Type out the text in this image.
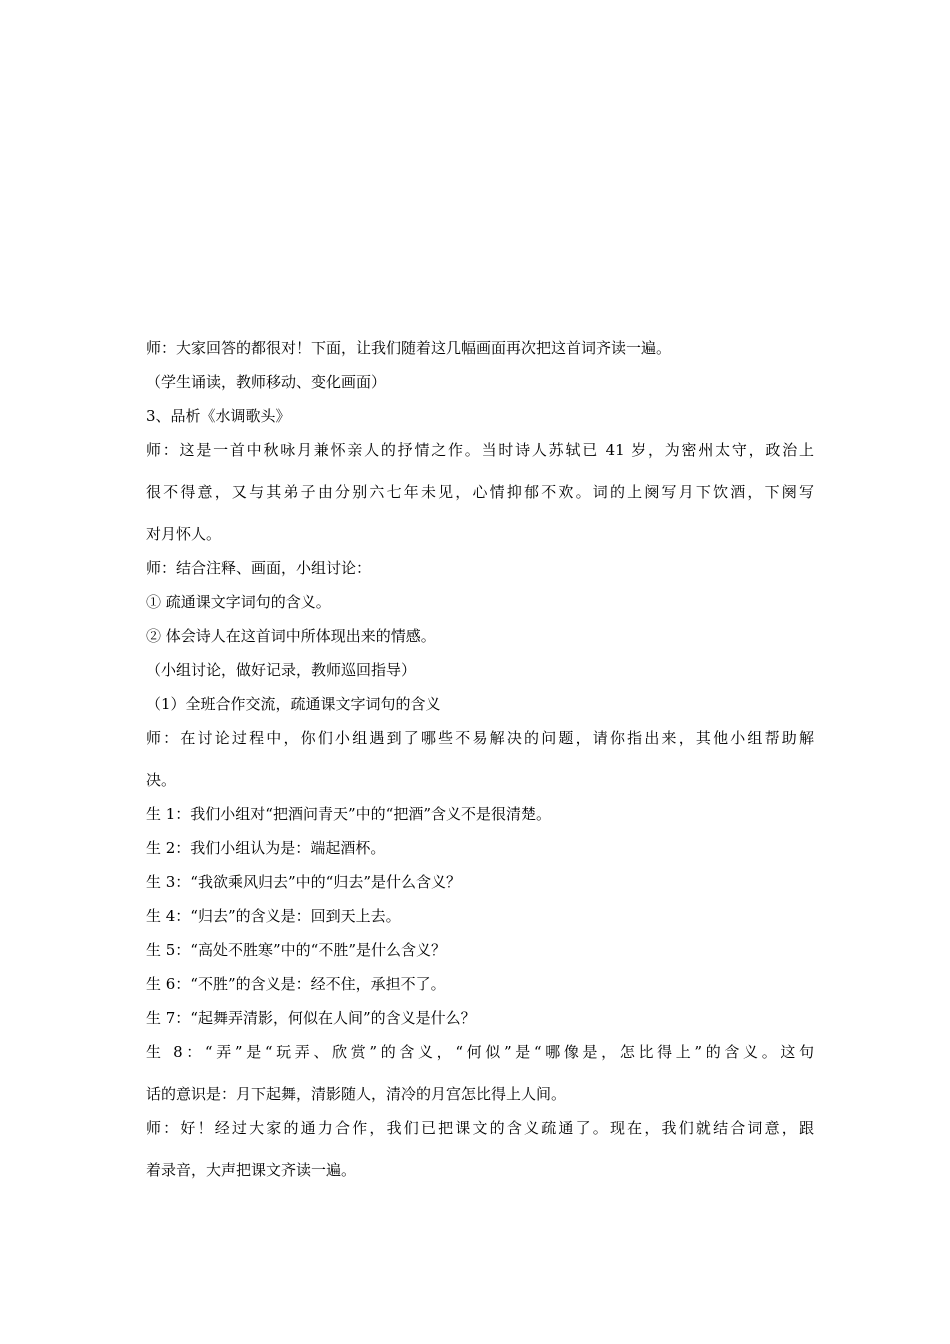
师：大家回答的都很对！下面，让我们随着这几幅画面再次把这首词齐读一遍。

（学生诵读，教师移动、变化画面）

3、品析《水调歌头》

师：这是一首中秋咏月兼怀亲人的抒情之作。当时诗人苏轼已 41 岁，为密州太守，政治上

很不得意，又与其弟子由分别六七年未见，心情抑郁不欢。词的上阕写月下饮酒，下阕写

对月怀人。

师：结合注释、画面，小组讨论：

① 疏通课文字词句的含义。

② 体会诗人在这首词中所体现出来的情感。

（小组讨论，做好记录，教师巡回指导）

（1）全班合作交流，疏通课文字词句的含义

师：在讨论过程中，你们小组遇到了哪些不易解决的问题，请你指出来，其他小组帮助解

决。

生 1：我们小组对“把酒问青天”中的“把酒”含义不是很清楚。

生 2：我们小组认为是：端起酒杯。

生 3：“我欲乘风归去”中的“归去”是什么含义？

生 4：“归去”的含义是：回到天上去。

生 5：“高处不胜寒”中的“不胜”是什么含义？

生 6：“不胜”的含义是：经不住，承担不了。

生 7：“起舞弄清影，何似在人间”的含义是什么？

生 8：“弄”是“玩弄、欣赏”的含义，“何似”是“哪像是，怎比得上”的含义。这句

话的意识是：月下起舞，清影随人，清冷的月宫怎比得上人间。

师：好！经过大家的通力合作，我们已把课文的含义疏通了。现在，我们就结合词意，跟

着录音，大声把课文齐读一遍。
